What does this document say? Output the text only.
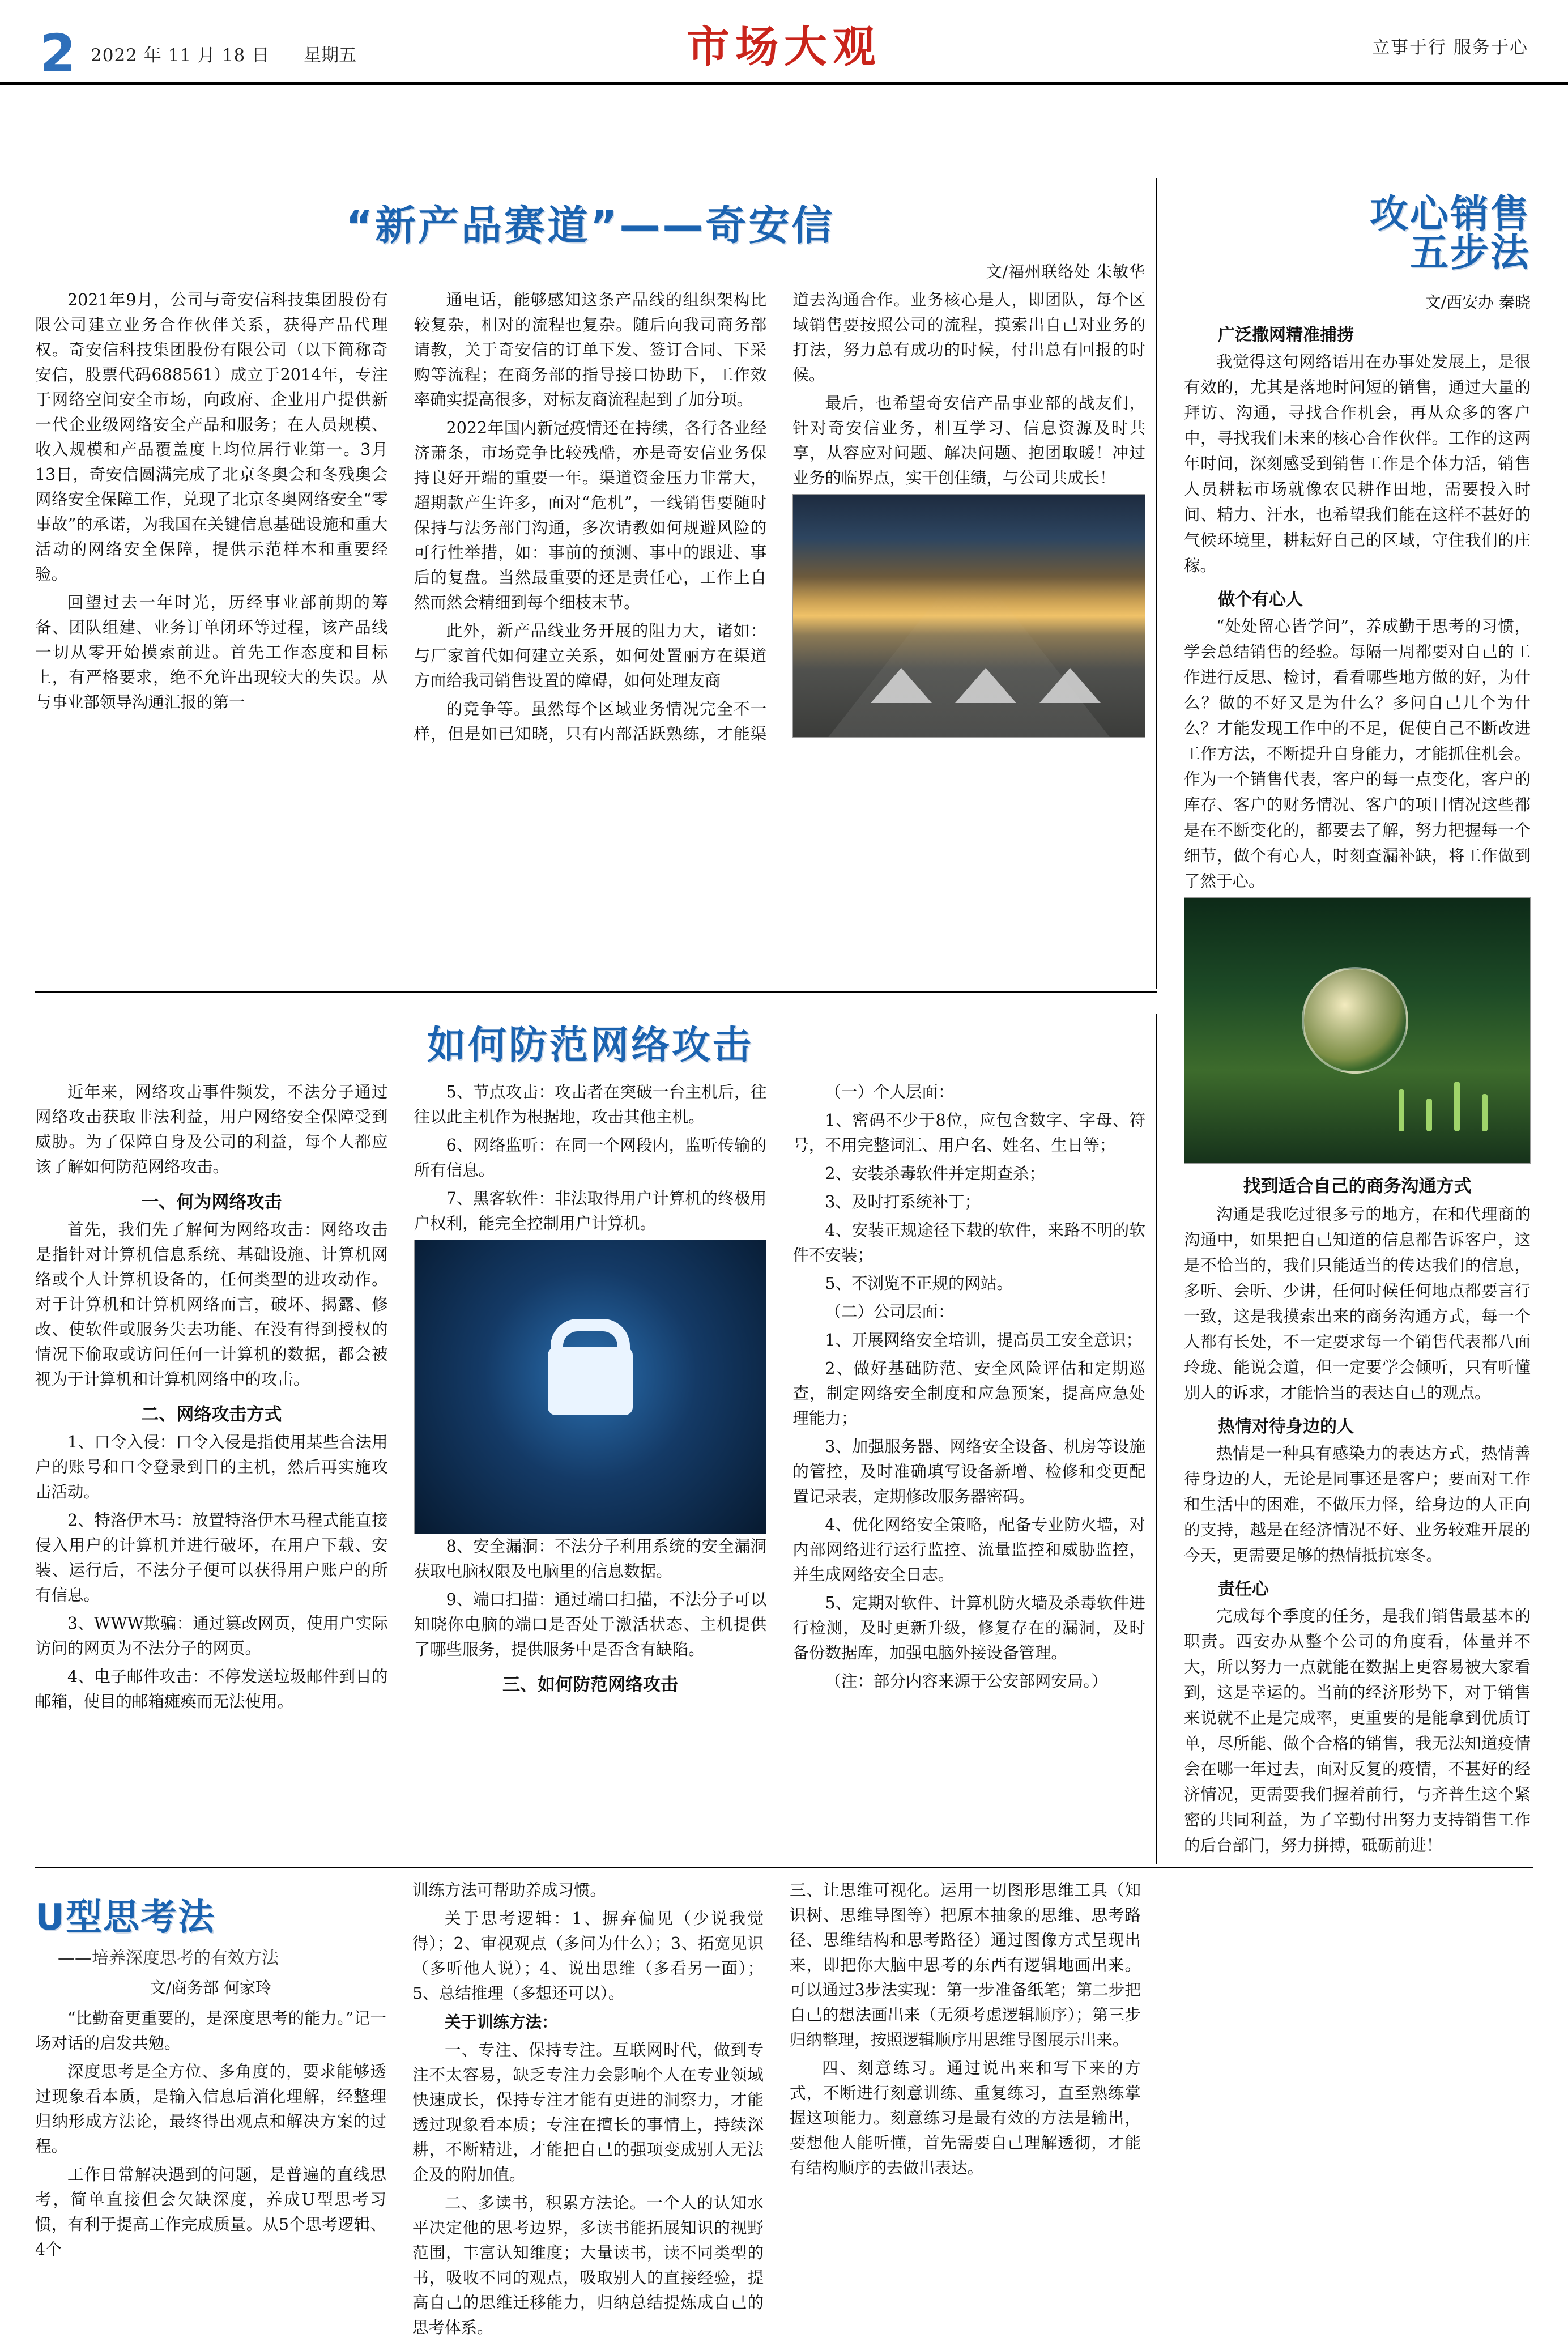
2 2022 年 11 月 18 日 星期五	市场大观	立事于行 服务于心
“新产品赛道”——奇安信
文/福州联络处 朱敏华

2021年9月，公司与奇安信科技集团股份有限公司建立业务合作伙伴关系，获得产品代理权。奇安信科技集团股份有限公司（以下简称奇安信，股票代码688561）成立于2014年，专注于网络空间安全市场，向政府、企业用户提供新一代企业级网络安全产品和服务；在人员规模、收入规模和产品覆盖度上均位居行业第一。3月13日，奇安信圆满完成了北京冬奥会和冬残奥会网络安全保障工作，兑现了北京冬奥网络安全“零事故”的承诺，为我国在关键信息基础设施和重大活动的网络安全保障，提供示范样本和重要经验。

回望过去一年时光，历经事业部前期的筹备、团队组建、业务订单闭环等过程，该产品线一切从零开始摸索前进。首先工作态度和目标上，有严格要求，绝不允许出现较大的失误。从与事业部领导沟通汇报的第一

通电话，能够感知这条产品线的组织架构比较复杂，相对的流程也复杂。随后向我司商务部请教，关于奇安信的订单下发、签订合同、下采购等流程；在商务部的指导接口协助下，工作效率确实提高很多，对标友商流程起到了加分项。

2022年国内新冠疫情还在持续，各行各业经济萧条，市场竞争比较残酷，亦是奇安信业务保持良好开端的重要一年。渠道资金压力非常大，超期款产生许多，面对“危机”，一线销售要随时保持与法务部门沟通，多次请教如何规避风险的可行性举措，如：事前的预测、事中的跟进、事后的复盘。当然最重要的还是责任心，工作上自然而然会精细到每个细枝末节。

此外，新产品线业务开展的阻力大，诸如：与厂家首代如何建立关系，如何处置丽方在渠道方面给我司销售设置的障碍，如何处理友商

的竞争等。虽然每个区域业务情况完全不一样，但是如已知晓，只有内部活跃熟练，才能渠道去沟通合作。业务核心是人，即团队，每个区域销售要按照公司的流程，摸索出自己对业务的打法，努力总有成功的时候，付出总有回报的时候。

最后，也希望奇安信产品事业部的战友们，针对奇安信业务，相互学习、信息资源及时共享，从容应对问题、解决问题、抱团取暖！冲过业务的临界点，实干创佳绩，与公司共成长！

攻心销售
五步法
文/西安办 秦晓
广泛撒网精准捕捞

我觉得这句网络语用在办事处发展上，是很有效的，尤其是落地时间短的销售，通过大量的拜访、沟通，寻找合作机会，再从众多的客户中，寻找我们未来的核心合作伙伴。工作的这两年时间，深刻感受到销售工作是个体力活，销售人员耕耘市场就像农民耕作田地，需要投入时间、精力、汗水，也希望我们能在这样不甚好的气候环境里，耕耘好自己的区域，守住我们的庄稼。

做个有心人

“处处留心皆学问”，养成勤于思考的习惯，学会总结销售的经验。每隔一周都要对自己的工作进行反思、检讨，看看哪些地方做的好，为什么？做的不好又是为什么？多问自己几个为什么？才能发现工作中的不足，促使自己不断改进工作方法，不断提升自身能力，才能抓住机会。作为一个销售代表，客户的每一点变化，客户的库存、客户的财务情况、客户的项目情况这些都是在不断变化的，都要去了解，努力把握每一个细节，做个有心人，时刻查漏补缺，将工作做到了然于心。

找到适合自己的商务沟通方式

沟通是我吃过很多亏的地方，在和代理商的沟通中，如果把自己知道的信息都告诉客户，这是不恰当的，我们只能适当的传达我们的信息，多听、会听、少讲，任何时候任何地点都要言行一致，这是我摸索出来的商务沟通方式，每一个人都有长处，不一定要求每一个销售代表都八面玲珑、能说会道，但一定要学会倾听，只有听懂别人的诉求，才能恰当的表达自己的观点。

热情对待身边的人

热情是一种具有感染力的表达方式，热情善待身边的人，无论是同事还是客户；要面对工作和生活中的困难，不做压力怪，给身边的人正向的支持，越是在经济情况不好、业务较难开展的今天，更需要足够的热情抵抗寒冬。

责任心

完成每个季度的任务，是我们销售最基本的职责。西安办从整个公司的角度看，体量并不大，所以努力一点就能在数据上更容易被大家看到，这是幸运的。当前的经济形势下，对于销售来说就不止是完成率，更重要的是能拿到优质订单，尽所能、做个合格的销售，我无法知道疫情会在哪一年过去，面对反复的疫情，不甚好的经济情况，更需要我们握着前行，与齐普生这个紧密的共同利益，为了辛勤付出努力支持销售工作的后台部门，努力拼搏，砥砺前进！

如何防范网络攻击

近年来，网络攻击事件频发，不法分子通过网络攻击获取非法利益，用户网络安全保障受到威胁。为了保障自身及公司的利益，每个人都应该了解如何防范网络攻击。

一、何为网络攻击

首先，我们先了解何为网络攻击：网络攻击是指针对计算机信息系统、基础设施、计算机网络或个人计算机设备的，任何类型的进攻动作。对于计算机和计算机网络而言，破坏、揭露、修改、使软件或服务失去功能、在没有得到授权的情况下偷取或访问任何一计算机的数据，都会被视为于计算机和计算机网络中的攻击。

二、网络攻击方式

1、口令入侵：口令入侵是指使用某些合法用户的账号和口令登录到目的主机，然后再实施攻击活动。

2、特洛伊木马：放置特洛伊木马程式能直接侵入用户的计算机并进行破坏，在用户下载、安装、运行后，不法分子便可以获得用户账户的所有信息。

3、WWW欺骗：通过篡改网页，使用户实际访问的网页为不法分子的网页。

4、电子邮件攻击：不停发送垃圾邮件到目的邮箱，使目的邮箱瘫痪而无法使用。

5、节点攻击：攻击者在突破一台主机后，往往以此主机作为根据地，攻击其他主机。

6、网络监听：在同一个网段内，监听传输的所有信息。

7、黑客软件：非法取得用户计算机的终极用户权利，能完全控制用户计算机。

8、安全漏洞：不法分子利用系统的安全漏洞获取电脑权限及电脑里的信息数据。

9、端口扫描：通过端口扫描，不法分子可以知晓你电脑的端口是否处于激活状态、主机提供了哪些服务，提供服务中是否含有缺陷。

三、如何防范网络攻击

（一）个人层面：

1、密码不少于8位，应包含数字、字母、符号，不用完整词汇、用户名、姓名、生日等；

2、安装杀毒软件并定期查杀；

3、及时打系统补丁；

4、安装正规途径下载的软件，来路不明的软件不安装；

5、不浏览不正规的网站。

（二）公司层面：

1、开展网络安全培训，提高员工安全意识；

2、做好基础防范、安全风险评估和定期巡查，制定网络安全制度和应急预案，提高应急处理能力；

3、加强服务器、网络安全设备、机房等设施的管控，及时准确填写设备新增、检修和变更配置记录表，定期修改服务器密码。

4、优化网络安全策略，配备专业防火墙，对内部网络进行运行监控、流量监控和威胁监控，并生成网络安全日志。

5、定期对软件、计算机防火墙及杀毒软件进行检测，及时更新升级，修复存在的漏洞，及时备份数据库，加强电脑外接设备管理。

（注：部分内容来源于公安部网安局。）

U型思考法
——培养深度思考的有效方法
文/商务部 何家玲

“比勤奋更重要的，是深度思考的能力。”记一场对话的启发共勉。

深度思考是全方位、多角度的，要求能够透过现象看本质，是输入信息后消化理解，经整理归纳形成方法论，最终得出观点和解决方案的过程。

工作日常解决遇到的问题，是普遍的直线思考，简单直接但会欠缺深度，养成U型思考习惯，有利于提高工作完成质量。从5个思考逻辑、4个

训练方法可帮助养成习惯。

关于思考逻辑：1、摒弃偏见（少说我觉得）；2、审视观点（多问为什么）；3、拓宽见识（多听他人说）；4、说出思维（多看另一面）；5、总结推理（多想还可以）。

关于训练方法：

一、专注、保持专注。互联网时代，做到专注不太容易，缺乏专注力会影响个人在专业领域快速成长，保持专注才能有更进的洞察力，才能透过现象看本质；专注在擅长的事情上，持续深耕，不断精进，才能把自己的强项变成别人无法企及的附加值。

二、多读书，积累方法论。一个人的认知水平决定他的思考边界，多读书能拓展知识的视野范围，丰富认知维度；大量读书，读不同类型的书，吸收不同的观点，吸取别人的直接经验，提高自己的思维迁移能力，归纳总结提炼成自己的思考体系。

三、让思维可视化。运用一切图形思维工具（知识树、思维导图等）把原本抽象的思维、思考路径、思维结构和思考路径）通过图像方式呈现出来，即把你大脑中思考的东西有逻辑地画出来。可以通过3步法实现：第一步准备纸笔；第二步把自己的想法画出来（无须考虑逻辑顺序）；第三步归纳整理，按照逻辑顺序用思维导图展示出来。

四、刻意练习。通过说出来和写下来的方式，不断进行刻意训练、重复练习，直至熟练掌握这项能力。刻意练习是最有效的方法是输出，要想他人能听懂，首先需要自己理解透彻，才能有结构顺序的去做出表达。
